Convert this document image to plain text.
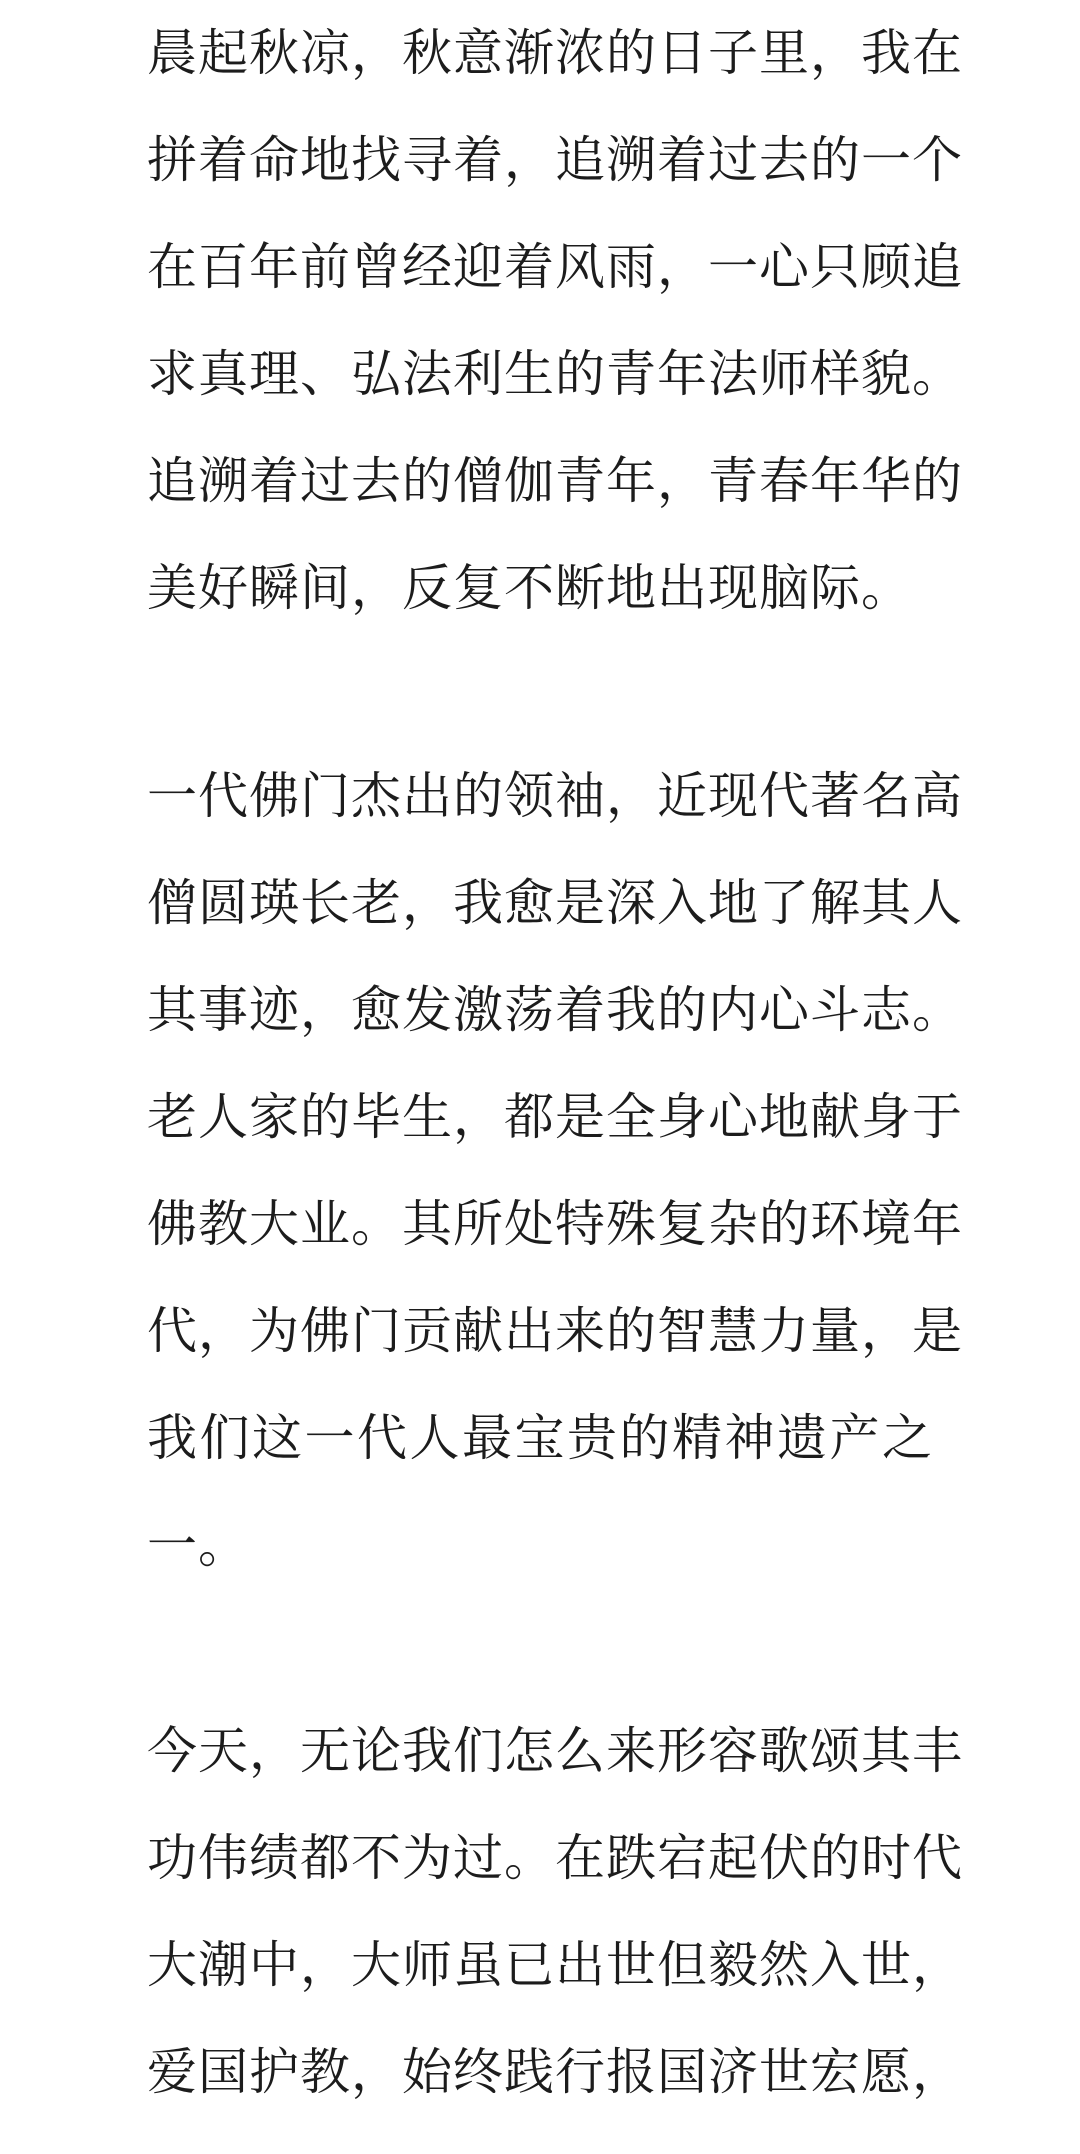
晨起秋凉，秋意渐浓的日子里，我在
拼着命地找寻着，追溯着过去的一个
在百年前曾经迎着风雨，一心只顾追
求真理、弘法利生的青年法师样貌。
追溯着过去的僧伽青年，青春年华的
美好瞬间，反复不断地出现脑际。
一代佛门杰出的领袖，近现代著名高
僧圆瑛长老，我愈是深入地了解其人
其事迹，愈发激荡着我的内心斗志。
老人家的毕生，都是全身心地献身于
佛教大业。其所处特殊复杂的环境年
代，为佛门贡献出来的智慧力量，是
我们这一代人最宝贵的精神遗产之
一。
今天，无论我们怎么来形容歌颂其丰
功伟绩都不为过。在跌宕起伏的时代
大潮中，大师虽已出世但毅然入世，
爱国护教，始终践行报国济世宏愿，
